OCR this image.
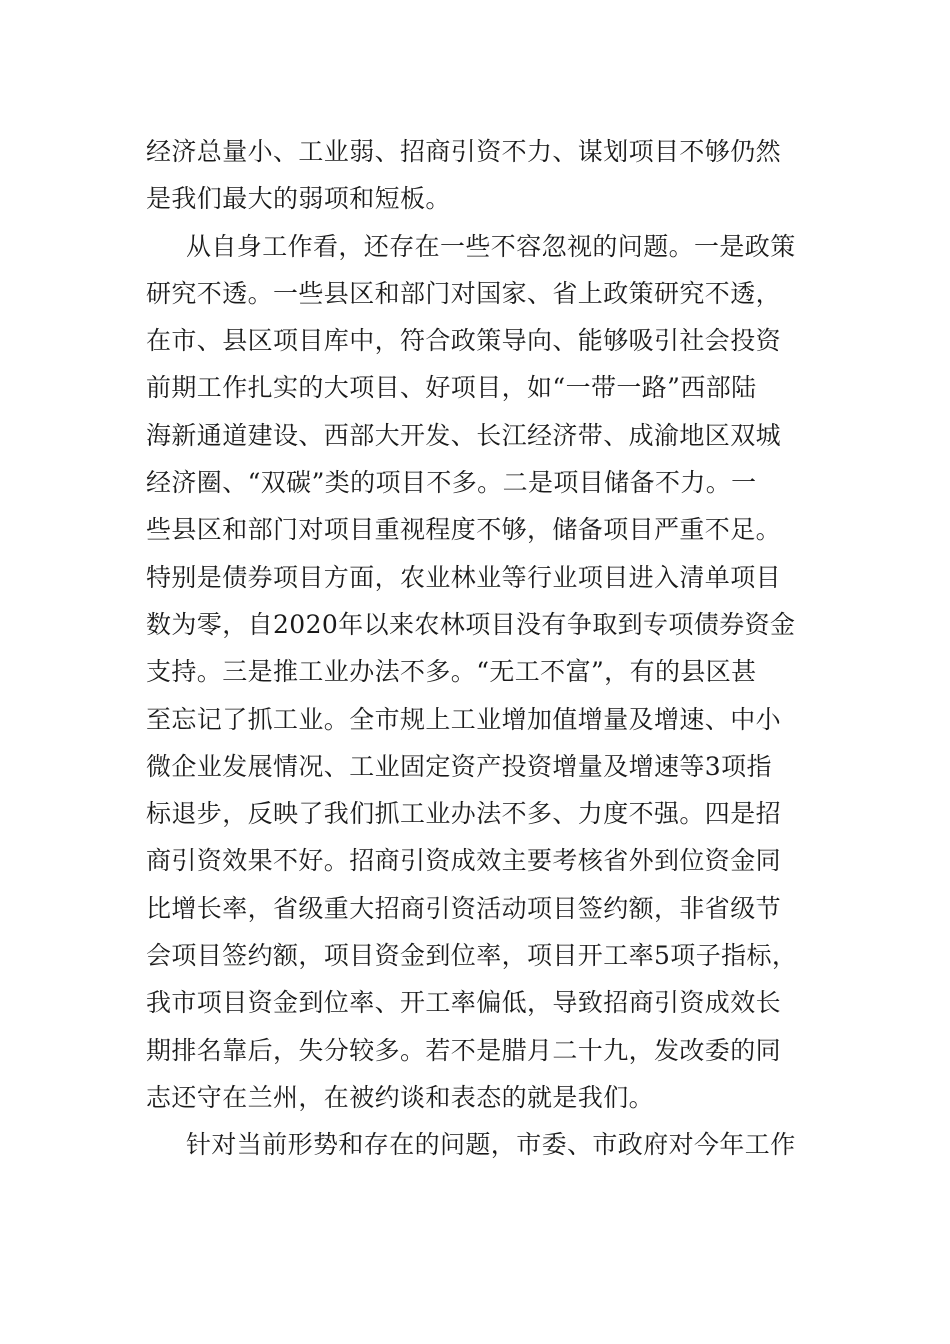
经济总量小、工业弱、招商引资不力、谋划项目不够仍然
是我们最大的弱项和短板。
从自身工作看，还存在一些不容忽视的问题。一是政策
研究不透。一些县区和部门对国家、省上政策研究不透，
在市、县区项目库中，符合政策导向、能够吸引社会投资
前期工作扎实的大项目、好项目，如“一带一路”西部陆
海新通道建设、西部大开发、长江经济带、成渝地区双城
经济圈、“双碳”类的项目不多。二是项目储备不力。一
些县区和部门对项目重视程度不够，储备项目严重不足。
特别是债券项目方面，农业林业等行业项目进入清单项目
数为零，自2020年以来农林项目没有争取到专项债券资金
支持。三是推工业办法不多。“无工不富”，有的县区甚
至忘记了抓工业。全市规上工业增加值增量及增速、中小
微企业发展情况、工业固定资产投资增量及增速等3项指
标退步，反映了我们抓工业办法不多、力度不强。四是招
商引资效果不好。招商引资成效主要考核省外到位资金同
比增长率，省级重大招商引资活动项目签约额，非省级节
会项目签约额，项目资金到位率，项目开工率5项子指标，
我市项目资金到位率、开工率偏低，导致招商引资成效长
期排名靠后，失分较多。若不是腊月二十九，发改委的同
志还守在兰州，在被约谈和表态的就是我们。
针对当前形势和存在的问题，市委、市政府对今年工作
